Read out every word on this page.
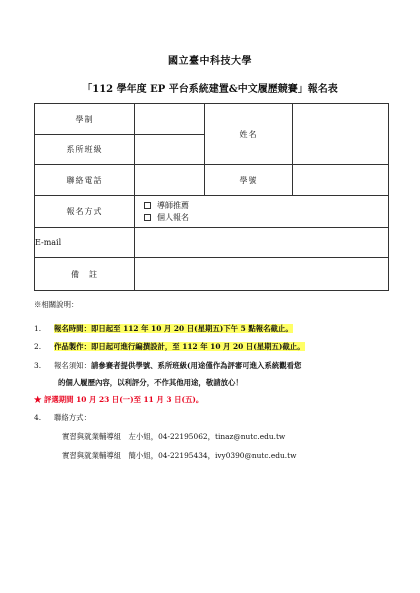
國立臺中科技大學
「112 學年度 EP 平台系統建置&中文履歷競賽」報名表
學制		姓名	
系所班級			
聯絡電話		學號	
報名方式	導師推薦
個人報名		

E-mail			
備　註			
※相關說明：
1. 報名時間：即日起至 112 年 10 月 20 日(星期五)下午 5 點報名截止。
2. 作品製作：即日起可進行編撰設計，至 112 年 10 月 20 日(星期五)截止。
3. 報名須知：請參賽者提供學號、系所班級(用途僅作為評審可進入系統觀看您
的個人履歷內容，以利評分，不作其他用途，敬請放心！
★ 評選期間 10 月 23 日(一)至 11 月 3 日(五)。
4. 聯絡方式：
實習與就業輔導組　左小姐，04-22195062，tinaz@nutc.edu.tw
實習與就業輔導組　簡小姐，04-22195434，ivy0390@nutc.edu.tw
